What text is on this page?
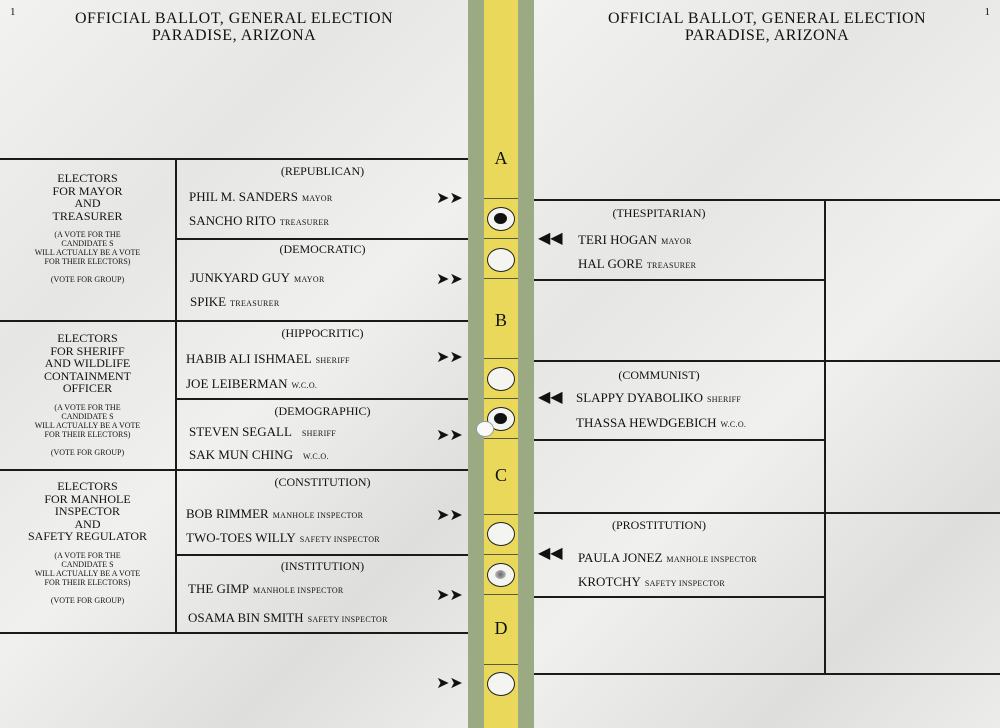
1	OFFICIAL BALLOT, GENERAL ELECTION
PARADISE, ARIZONA
ELECTORS
FOR MAYOR
AND
TREASURER
(A VOTE FOR THE
CANDIDATE S
WILL ACTUALLY BE A VOTE
FOR THEIR ELECTORS)
(VOTE FOR GROUP)
ELECTORS
FOR SHERIFF
AND WILDLIFE
CONTAINMENT
OFFICER
(A VOTE FOR THE
CANDIDATE S
WILL ACTUALLY BE A VOTE
FOR THEIR ELECTORS)
(VOTE FOR GROUP)
ELECTORS
FOR MANHOLE
INSPECTOR
AND
SAFETY REGULATOR
(A VOTE FOR THE
CANDIDATE S
WILL ACTUALLY BE A VOTE
FOR THEIR ELECTORS)
(VOTE FOR GROUP)
(REPUBLICAN)
PHIL M. SANDERS MAYOR
SANCHO RITO TREASURER
(DEMOCRATIC)
JUNKYARD GUY MAYOR
SPIKE TREASURER
(HIPPOCRITIC)
HABIB ALI ISHMAEL SHERIFF
JOE LEIBERMAN W.C.O.
(DEMOGRAPHIC)
STEVEN SEGALL SHERIFF
SAK MUN CHING W.C.O.
(CONSTITUTION)
BOB RIMMER MANHOLE INSPECTOR
TWO-TOES WILLY SAFETY INSPECTOR
(INSTITUTION)
THE GIMP MANHOLE INSPECTOR
OSAMA BIN SMITH SAFETY INSPECTOR
➤➤
➤➤
➤➤
➤➤
➤➤
➤➤
➤➤
A
B
C
D
1
OFFICIAL BALLOT, GENERAL ELECTION
PARADISE, ARIZONA
(THESPITARIAN)
TERI HOGAN MAYOR
HAL GORE TREASURER
(COMMUNIST)
SLAPPY DYABOLIKO SHERIFF
THASSA HEWDGEBICH W.C.O.
(PROSTITUTION)
PAULA JONEZ MANHOLE INSPECTOR
KROTCHY SAFETY INSPECTOR
◀◀
◀◀
◀◀
